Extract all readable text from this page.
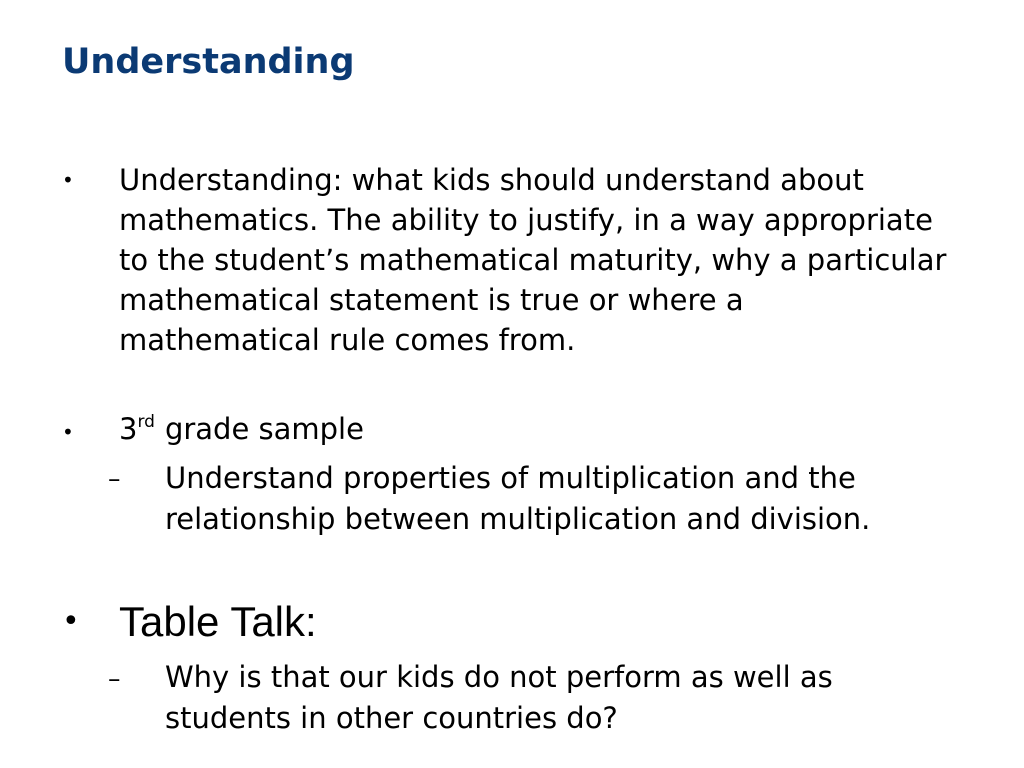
Understanding
• Understanding: what kids should understand about mathematics. The ability to justify, in a way appropriate to the student’s mathematical maturity, why a particular mathematical statement is true or where a mathematical rule comes from.
• 3rd grade sample
– Understand properties of multiplication and the relationship between multiplication and division.
• Table Talk:
– Why is that our kids do not perform as well as students in other countries do?
